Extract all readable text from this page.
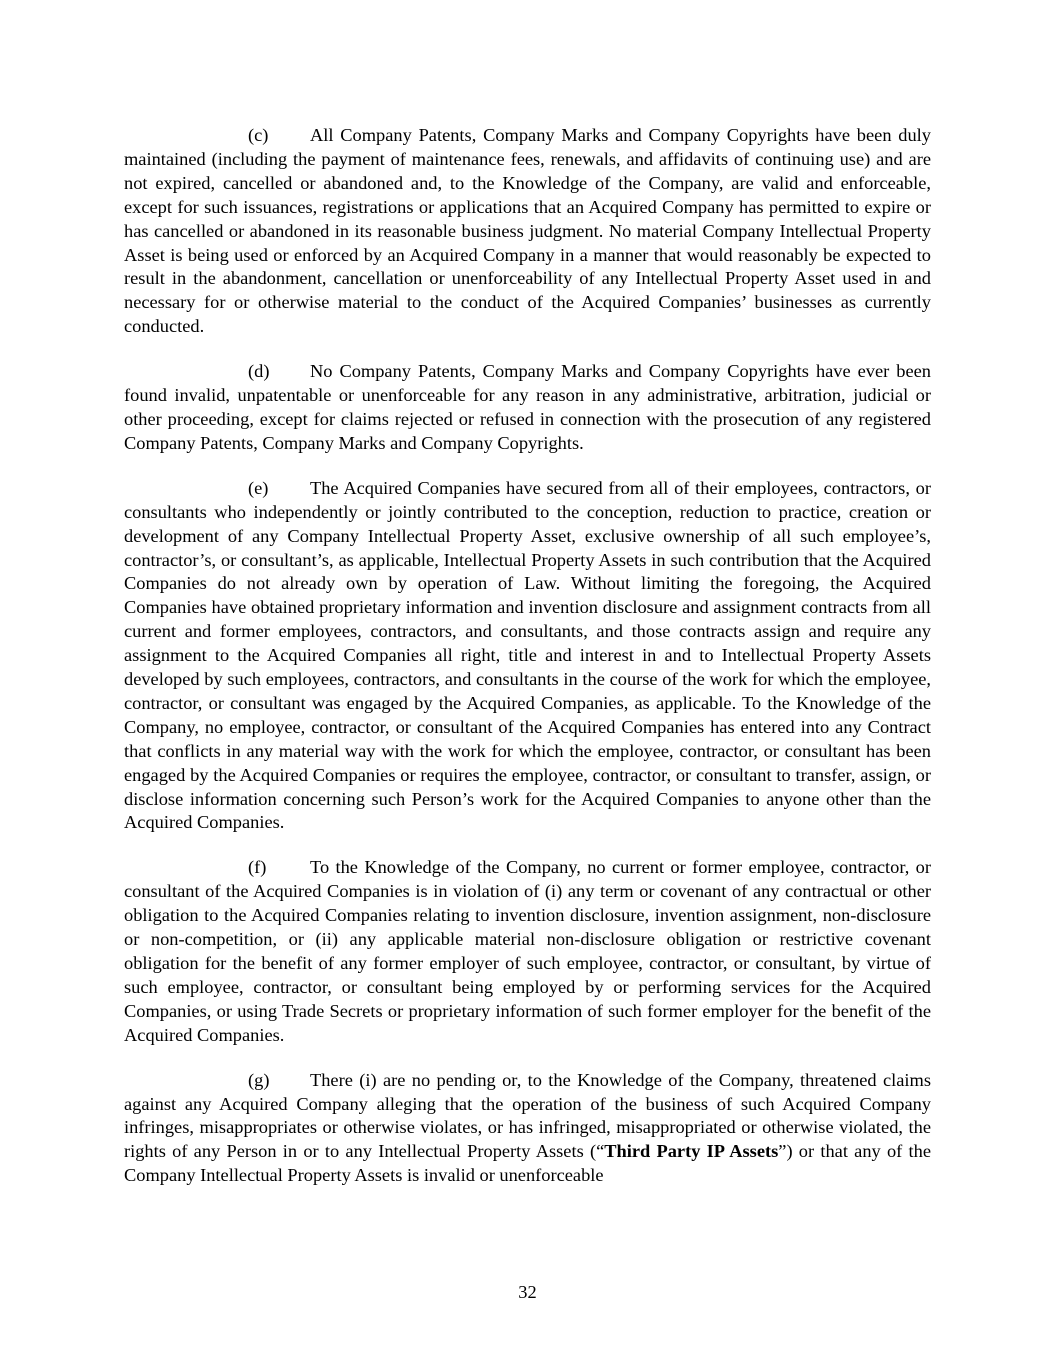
(c) All Company Patents, Company Marks and Company Copyrights have been duly maintained (including the payment of maintenance fees, renewals, and affidavits of continuing use) and are not expired, cancelled or abandoned and, to the Knowledge of the Company, are valid and enforceable, except for such issuances, registrations or applications that an Acquired Company has permitted to expire or has cancelled or abandoned in its reasonable business judgment. No material Company Intellectual Property Asset is being used or enforced by an Acquired Company in a manner that would reasonably be expected to result in the abandonment, cancellation or unenforceability of any Intellectual Property Asset used in and necessary for or otherwise material to the conduct of the Acquired Companies’ businesses as currently conducted.

(d) No Company Patents, Company Marks and Company Copyrights have ever been found invalid, unpatentable or unenforceable for any reason in any administrative, arbitration, judicial or other proceeding, except for claims rejected or refused in connection with the prosecution of any registered Company Patents, Company Marks and Company Copyrights.

(e) The Acquired Companies have secured from all of their employees, contractors, or consultants who independently or jointly contributed to the conception, reduction to practice, creation or development of any Company Intellectual Property Asset, exclusive ownership of all such employee’s, contractor’s, or consultant’s, as applicable, Intellectual Property Assets in such contribution that the Acquired Companies do not already own by operation of Law. Without limiting the foregoing, the Acquired Companies have obtained proprietary information and invention disclosure and assignment contracts from all current and former employees, contractors, and consultants, and those contracts assign and require any assignment to the Acquired Companies all right, title and interest in and to Intellectual Property Assets developed by such employees, contractors, and consultants in the course of the work for which the employee, contractor, or consultant was engaged by the Acquired Companies, as applicable. To the Knowledge of the Company, no employee, contractor, or consultant of the Acquired Companies has entered into any Contract that conflicts in any material way with the work for which the employee, contractor, or consultant has been engaged by the Acquired Companies or requires the employee, contractor, or consultant to transfer, assign, or disclose information concerning such Person’s work for the Acquired Companies to anyone other than the Acquired Companies.

(f) To the Knowledge of the Company, no current or former employee, contractor, or consultant of the Acquired Companies is in violation of (i) any term or covenant of any contractual or other obligation to the Acquired Companies relating to invention disclosure, invention assignment, non-disclosure or non-competition, or (ii) any applicable material non-disclosure obligation or restrictive covenant obligation for the benefit of any former employer of such employee, contractor, or consultant, by virtue of such employee, contractor, or consultant being employed by or performing services for the Acquired Companies, or using Trade Secrets or proprietary information of such former employer for the benefit of the Acquired Companies.

(g) There (i) are no pending or, to the Knowledge of the Company, threatened claims against any Acquired Company alleging that the operation of the business of such Acquired Company infringes, misappropriates or otherwise violates, or has infringed, misappropriated or otherwise violated, the rights of any Person in or to any Intellectual Property Assets (“Third Party IP Assets”) or that any of the Company Intellectual Property Assets is invalid or unenforceable

32
